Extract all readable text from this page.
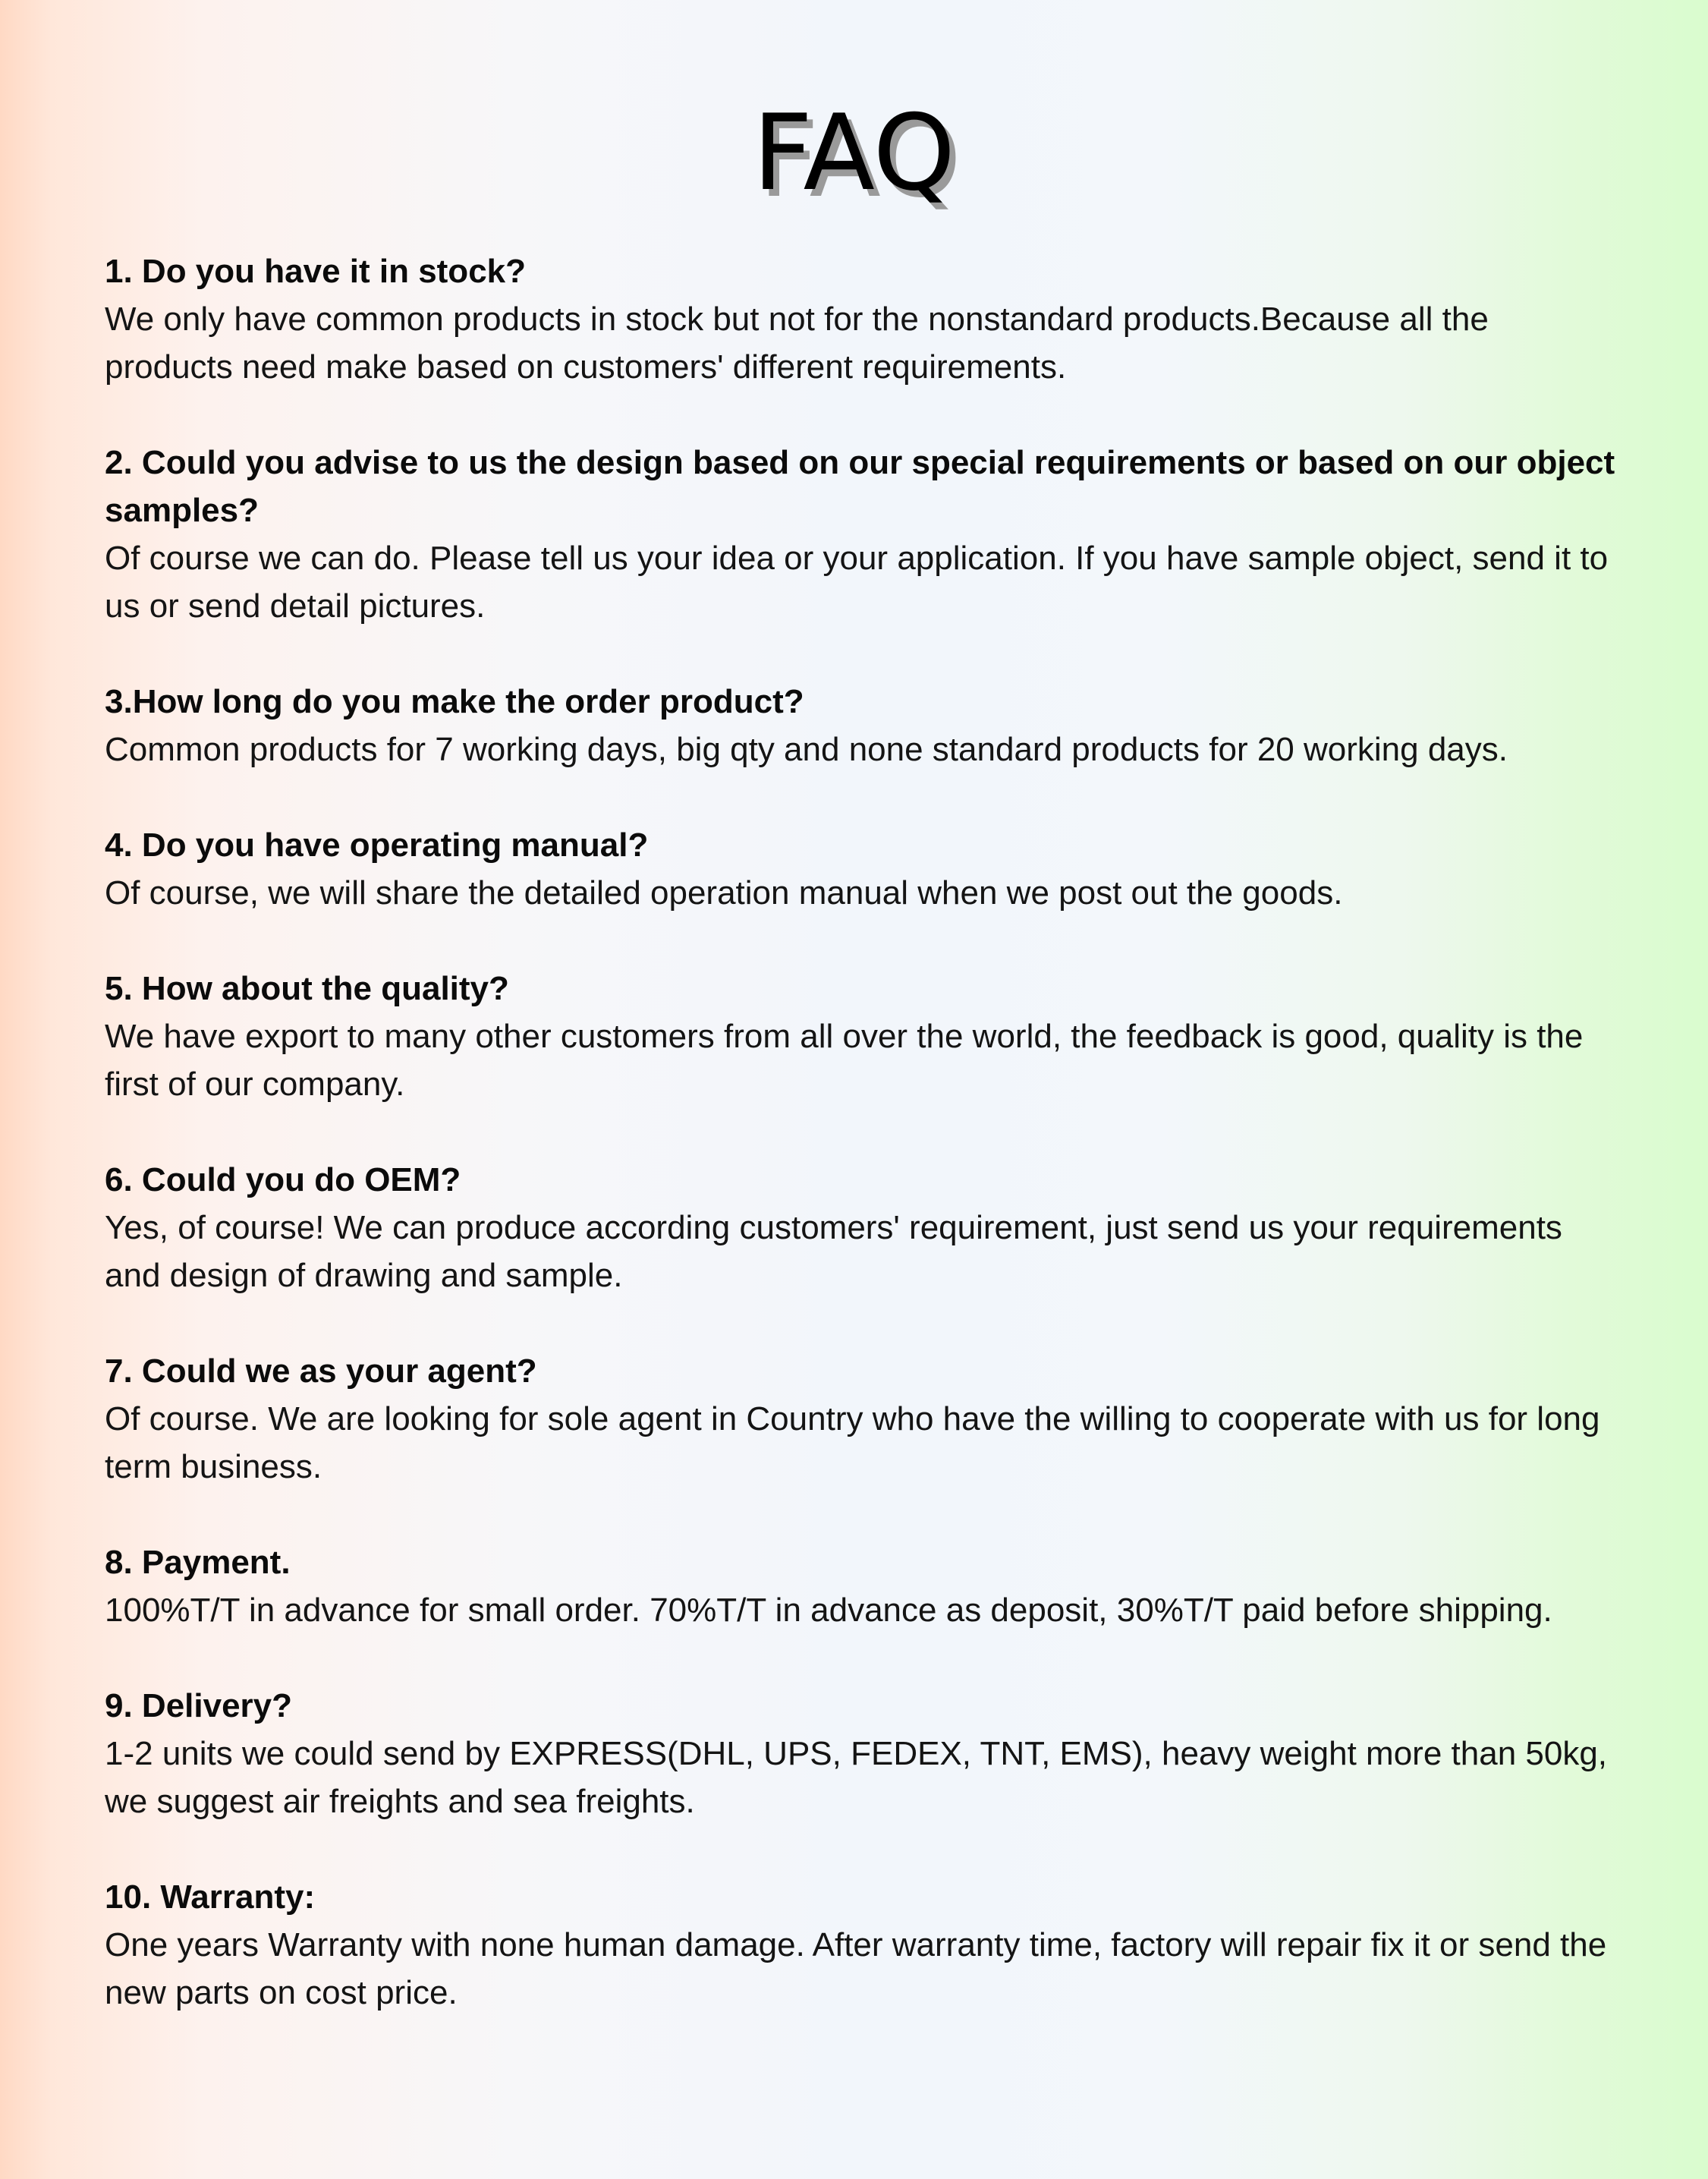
FAQ

1. Do you have it in stock?

We only have common products in stock but not for the nonstandard products.Because all the products need make based on customers' different requirements.

2. Could you advise to us the design based on our special requirements or based on our object samples?

Of course we can do. Please tell us your idea or your application. If you have sample object, send it to us or send detail pictures.

3.How long do you make the order product?

Common products for 7 working days, big qty and none standard products for 20 working days.

4. Do you have operating manual?

Of course, we will share the detailed operation manual when we post out the goods.

5. How about the quality?

We have export to many other customers from all over the world, the feedback is good, quality is the first of our company.

6. Could you do OEM?

Yes, of course! We can produce according customers' requirement, just send us your requirements and design of drawing and sample.

7. Could we as your agent?

Of course. We are looking for sole agent in Country who have the willing to cooperate with us for long term business.

8. Payment.

100%T/T in advance for small order. 70%T/T in advance as deposit, 30%T/T paid before shipping.

9. Delivery?

1-2 units we could send by EXPRESS(DHL, UPS, FEDEX, TNT, EMS), heavy weight more than 50kg, we suggest air freights and sea freights.

10. Warranty:

One years Warranty with none human damage. After warranty time, factory will repair fix it or send the new parts on cost price.
